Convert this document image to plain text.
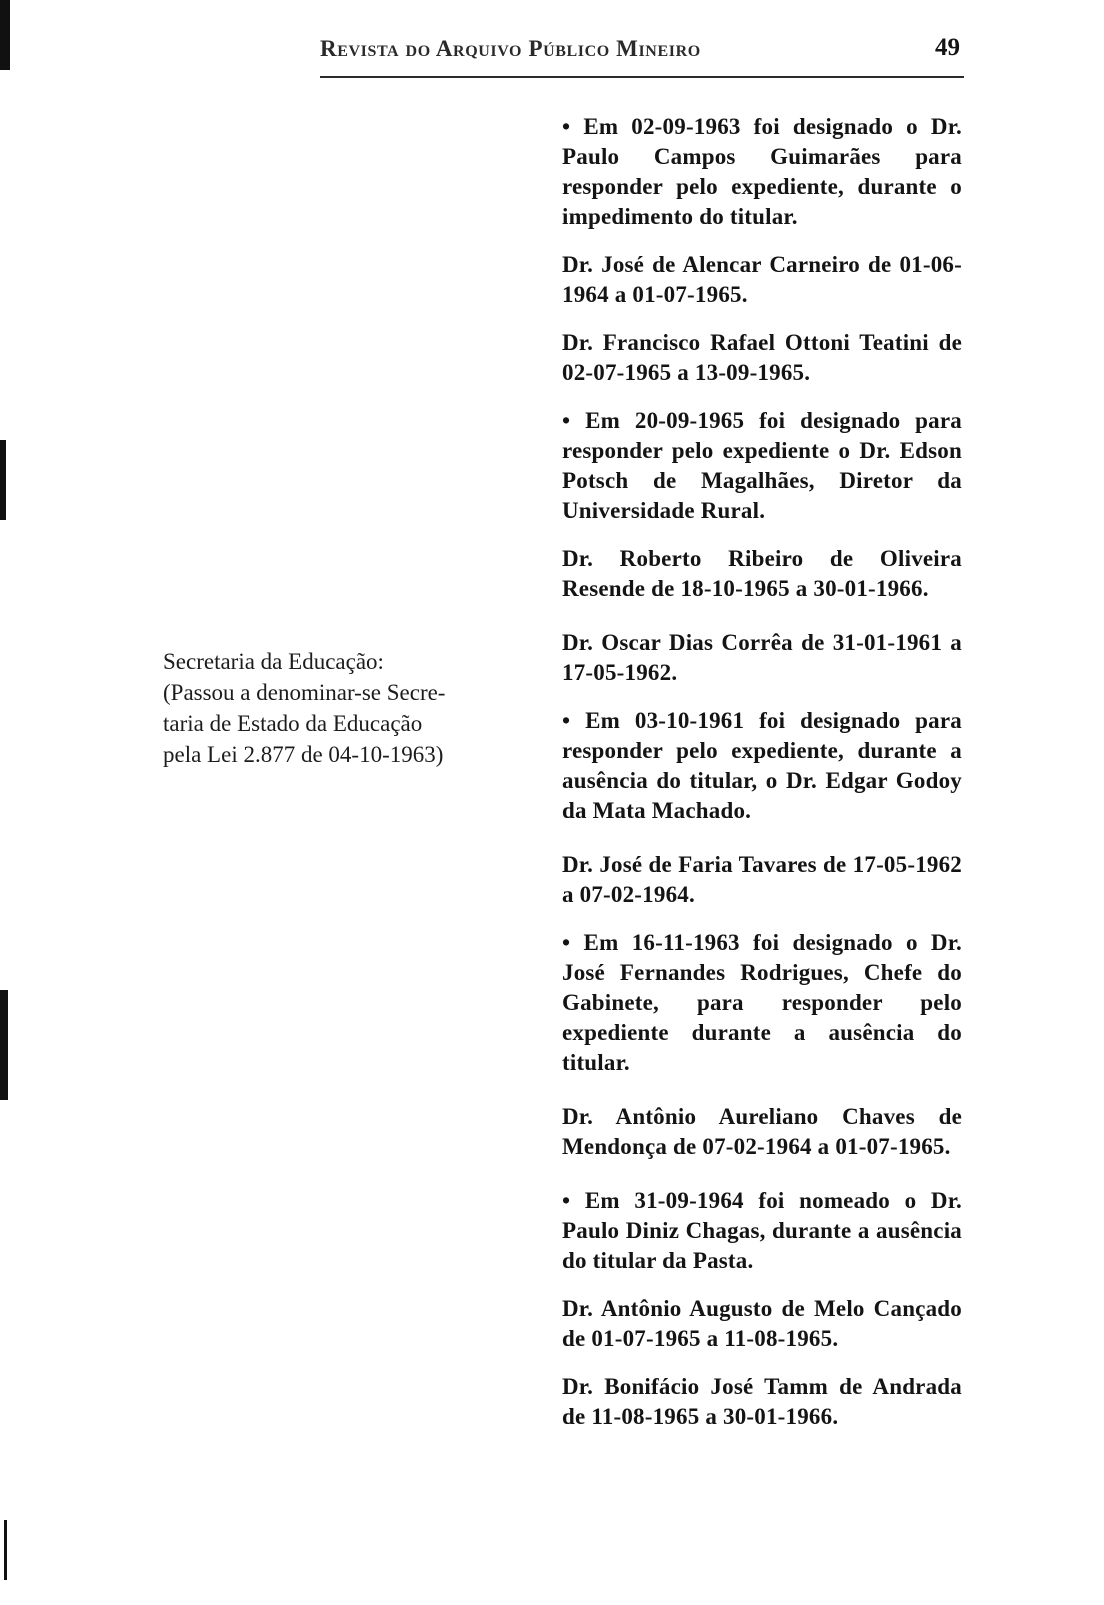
Revista do Arquivo Público Mineiro	49

Secretaria da Educação:

(Passou a denominar-se Secre-

taria de Estado da Educação

pela Lei 2.877 de 04-10-1963)

• Em 02-09-1963 foi designado o Dr. Paulo Campos Guimarães para responder pelo expediente, durante o impedimento do titular.

Dr. José de Alencar Carneiro de 01-06-1964 a 01-07-1965.

Dr. Francisco Rafael Ottoni Teatini de 02-07-1965 a 13-09-1965.

• Em 20-09-1965 foi designado para responder pelo expediente o Dr. Edson Potsch de Magalhães, Diretor da Universidade Rural.

Dr. Roberto Ribeiro de Oliveira Resende de 18-10-1965 a 30-01-1966.

Dr. Oscar Dias Corrêa de 31-01-1961 a 17-05-1962.

• Em 03-10-1961 foi designado para responder pelo expediente, durante a ausência do titular, o Dr. Edgar Godoy da Mata Machado.

Dr. José de Faria Tavares de 17-05-1962 a 07-02-1964.

• Em 16-11-1963 foi designado o Dr. José Fernandes Rodrigues, Chefe do Gabinete, para responder pelo expediente durante a ausência do titular.

Dr. Antônio Aureliano Chaves de Mendonça de 07-02-1964 a 01-07-1965.

• Em 31-09-1964 foi nomeado o Dr. Paulo Diniz Chagas, durante a ausência do titular da Pasta.

Dr. Antônio Augusto de Melo Cançado de 01-07-1965 a 11-08-1965.

Dr. Bonifácio José Tamm de Andrada de 11-08-1965 a 30-01-1966.
